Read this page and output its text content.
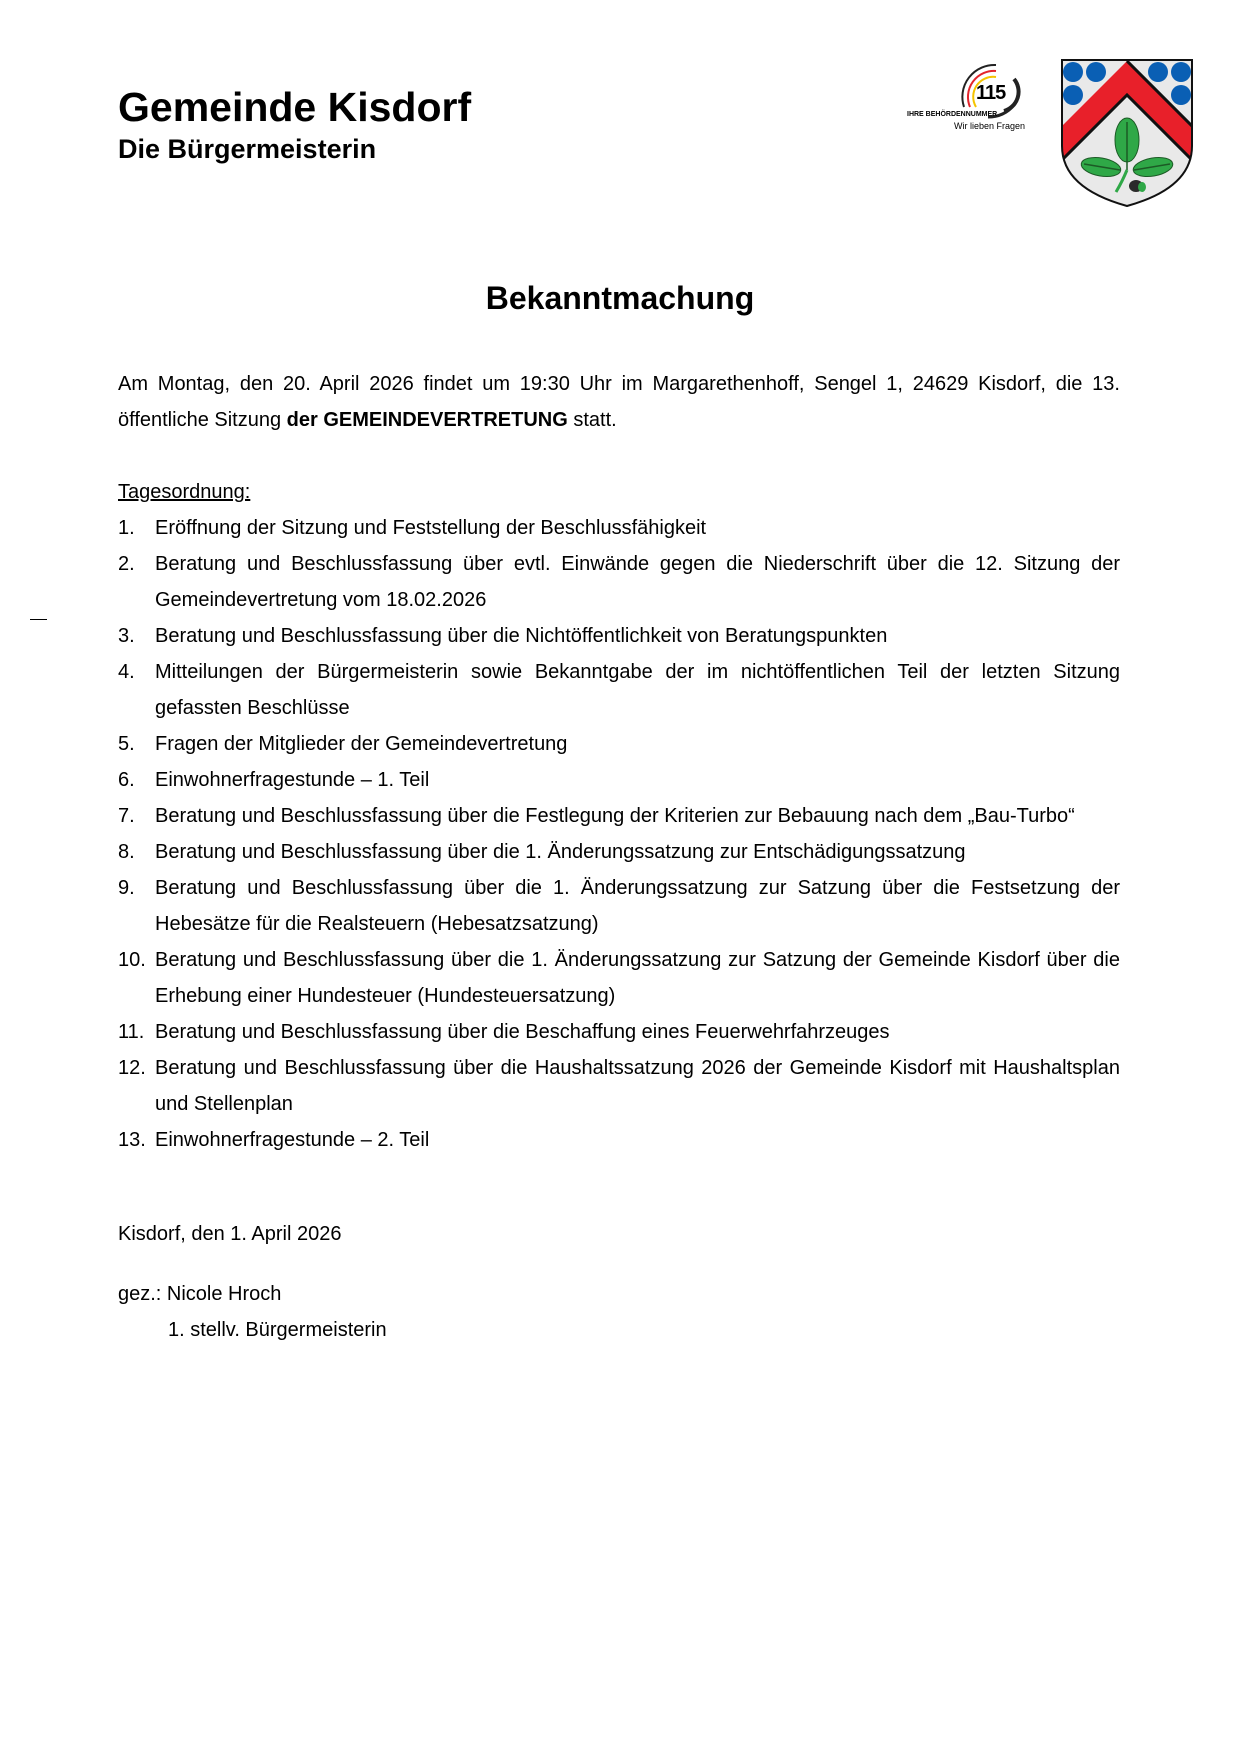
Gemeinde Kisdorf
Die Bürgermeisterin
115
IHRE BEHÖRDENNUMMER
Wir lieben Fragen
Bekanntmachung

Am Montag, den 20. April 2026 findet um 19:30 Uhr im Margarethenhoff, Sengel 1, 24629 Kisdorf, die 13. öffentliche Sitzung der GEMEINDEVERTRETUNG statt.

Tagesordnung:

1. Eröffnung der Sitzung und Feststellung der Beschlussfähigkeit
2. Beratung und Beschlussfassung über evtl. Einwände gegen die Niederschrift über die 12. Sitzung der Gemeindevertretung vom 18.02.2026
3. Beratung und Beschlussfassung über die Nichtöffentlichkeit von Beratungspunkten
4. Mitteilungen der Bürgermeisterin sowie Bekanntgabe der im nichtöffentlichen Teil der letzten Sitzung gefassten Beschlüsse
5. Fragen der Mitglieder der Gemeindevertretung
6. Einwohnerfragestunde – 1. Teil
7. Beratung und Beschlussfassung über die Festlegung der Kriterien zur Bebauung nach dem „Bau-Turbo“
8. Beratung und Beschlussfassung über die 1. Änderungssatzung zur Entschädigungssatzung
9. Beratung und Beschlussfassung über die 1. Änderungssatzung zur Satzung über die Festsetzung der Hebesätze für die Realsteuern (Hebesatzsatzung)
10. Beratung und Beschlussfassung über die 1. Änderungssatzung zur Satzung der Gemeinde Kisdorf über die Erhebung einer Hundesteuer (Hundesteuersatzung)
11. Beratung und Beschlussfassung über die Beschaffung eines Feuerwehrfahrzeuges
12. Beratung und Beschlussfassung über die Haushaltssatzung 2026 der Gemeinde Kisdorf mit Haushaltsplan und Stellenplan
13. Einwohnerfragestunde – 2. Teil

Kisdorf, den 1. April 2026

gez.: Nicole Hroch

1. stellv. Bürgermeisterin
